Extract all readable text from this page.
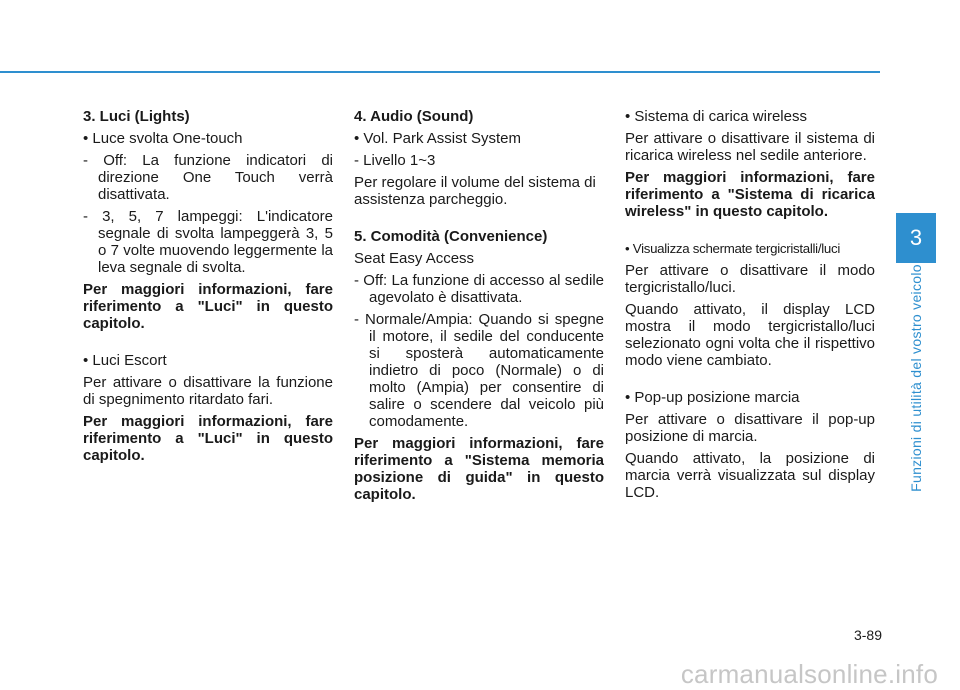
3. Luci (Lights)

• Luce svolta One-touch

- Off: La funzione indicatori di direzione One Touch verrà disattivata.

- 3, 5, 7 lampeggi: L'indicatore segnale di svolta lampeggerà 3, 5 o 7 volte muovendo leggermente la leva segnale di svolta.

Per maggiori informazioni, fare riferimento a "Luci" in questo capitolo.

• Luci Escort

Per attivare o disattivare la funzione di spegnimento ritardato fari.

Per maggiori informazioni, fare riferimento a "Luci" in questo capitolo.

4. Audio (Sound)

• Vol. Park Assist System

- Livello 1~3

Per regolare il volume del sistema di assistenza parcheggio.

5. Comodità (Convenience)

Seat Easy Access

- Off: La funzione di accesso al sedile agevolato è disattivata.

- Normale/Ampia: Quando si spegne il motore, il sedile del conducente si sposterà automaticamente indietro di poco (Normale) o di molto (Ampia) per consentire di salire o scendere dal veicolo più comodamente.

Per maggiori informazioni, fare riferimento a "Sistema memoria posizione di guida" in questo capitolo.

• Sistema di carica wireless

Per attivare o disattivare il sistema di ricarica wireless nel sedile anteriore.

Per maggiori informazioni, fare riferimento a "Sistema di ricarica wireless" in questo capitolo.

• Visualizza schermate tergicristalli/luci

Per attivare o disattivare il modo tergicristallo/luci.

Quando attivato, il display LCD mostra il modo tergicristallo/luci selezionato ogni volta che il rispettivo modo viene cambiato.

• Pop-up posizione marcia

Per attivare o disattivare il pop-up posizione di marcia.

Quando attivato, la posizione di marcia verrà visualizzata sul display LCD.

3
Funzioni di utilità del vostro veicolo
3-89
carmanualsonline.info
